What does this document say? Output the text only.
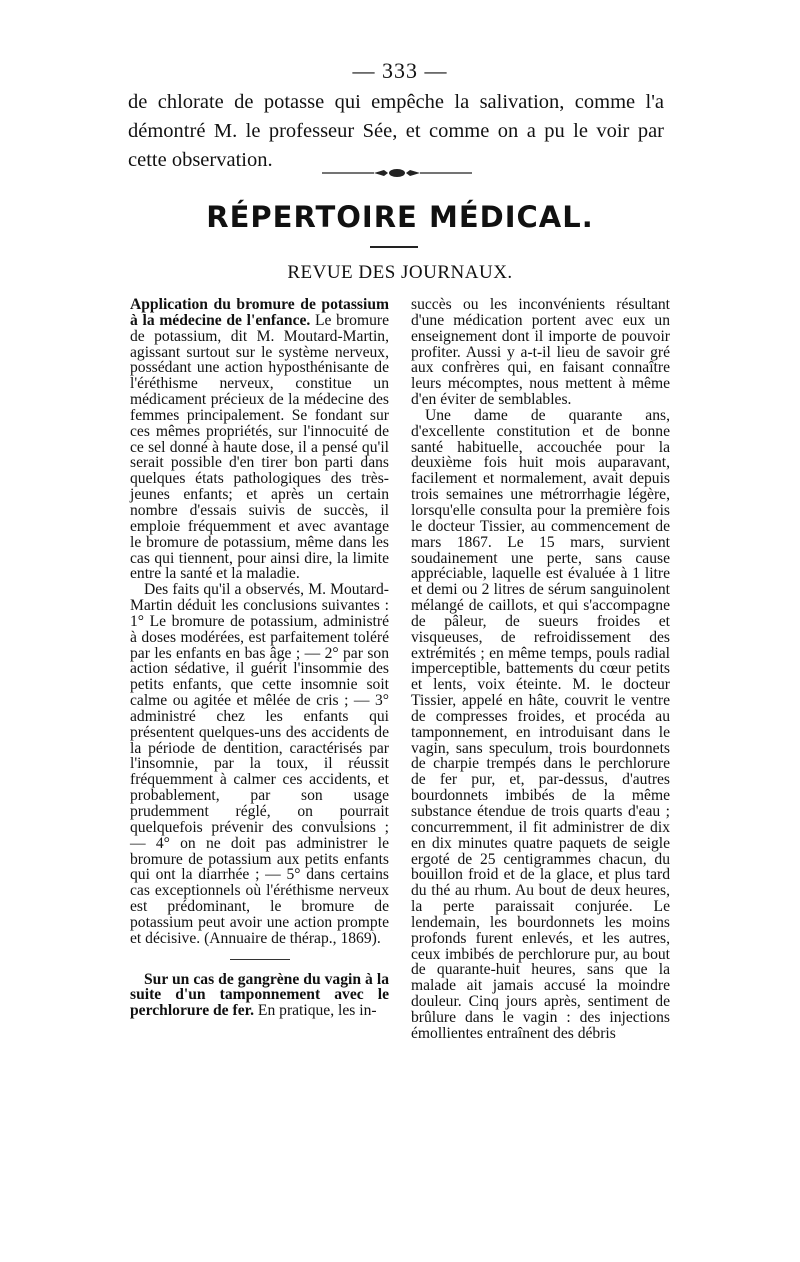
— 333 —
de chlorate de potasse qui empêche la salivation, comme l'a démontré M. le professeur Sée, et comme on a pu le voir par cette observation.
RÉPERTOIRE MÉDICAL.
REVUE DES JOURNAUX.

Application du bromure de potassium à la médecine de l'enfance. Le bromure de potassium, dit M. Moutard-Martin, agissant surtout sur le système nerveux, possédant une action hyposthénisante de l'éréthisme nerveux, constitue un médicament précieux de la médecine des femmes principalement. Se fondant sur ces mêmes propriétés, sur l'innocuité de ce sel donné à haute dose, il a pensé qu'il serait possible d'en tirer bon parti dans quelques états pathologiques des très-jeunes enfants; et après un certain nombre d'essais suivis de succès, il emploie fréquemment et avec avantage le bromure de potassium, même dans les cas qui tiennent, pour ainsi dire, la limite entre la santé et la maladie.

Des faits qu'il a observés, M. Moutard-Martin déduit les conclusions suivantes : 1° Le bromure de potassium, administré à doses modérées, est parfaitement toléré par les enfants en bas âge ; — 2° par son action sédative, il guérit l'insommie des petits enfants, que cette insomnie soit calme ou agitée et mêlée de cris ; — 3° administré chez les enfants qui présentent quelques-uns des accidents de la période de dentition, caractérisés par l'insomnie, par la toux, il réussit fréquemment à calmer ces accidents, et probablement, par son usage prudemment réglé, on pourrait quelquefois prévenir des convulsions ; — 4° on ne doit pas administrer le bromure de potassium aux petits enfants qui ont la diarrhée ; — 5° dans certains cas exceptionnels où l'éréthisme nerveux est prédominant, le bromure de potassium peut avoir une action prompte et décisive. (Annuaire de thérap., 1869).

Sur un cas de gangrène du vagin à la suite d'un tamponnement avec le perchlorure de fer. En pratique, les in-

succès ou les inconvénients résultant d'une médication portent avec eux un enseignement dont il importe de pouvoir profiter. Aussi y a-t-il lieu de savoir gré aux confrères qui, en faisant connaître leurs mécomptes, nous mettent à même d'en éviter de semblables.

Une dame de quarante ans, d'excellente constitution et de bonne santé habituelle, accouchée pour la deuxième fois huit mois auparavant, facilement et normalement, avait depuis trois semaines une métrorrhagie légère, lorsqu'elle consulta pour la première fois le docteur Tissier, au commencement de mars 1867. Le 15 mars, survient soudainement une perte, sans cause appréciable, laquelle est évaluée à 1 litre et demi ou 2 litres de sérum sanguinolent mélangé de caillots, et qui s'accompagne de pâleur, de sueurs froides et visqueuses, de refroidissement des extrémités ; en même temps, pouls radial imperceptible, battements du cœur petits et lents, voix éteinte. M. le docteur Tissier, appelé en hâte, couvrit le ventre de compresses froides, et procéda au tamponnement, en introduisant dans le vagin, sans speculum, trois bourdonnets de charpie trempés dans le perchlorure de fer pur, et, par-dessus, d'autres bourdonnets imbibés de la même substance étendue de trois quarts d'eau ; concurremment, il fit administrer de dix en dix minutes quatre paquets de seigle ergoté de 25 centigrammes chacun, du bouillon froid et de la glace, et plus tard du thé au rhum. Au bout de deux heures, la perte paraissait conjurée. Le lendemain, les bourdonnets les moins profonds furent enlevés, et les autres, ceux imbibés de perchlorure pur, au bout de quarante-huit heures, sans que la malade ait jamais accusé la moindre douleur. Cinq jours après, sentiment de brûlure dans le vagin : des injections émollientes entraînent des débris
